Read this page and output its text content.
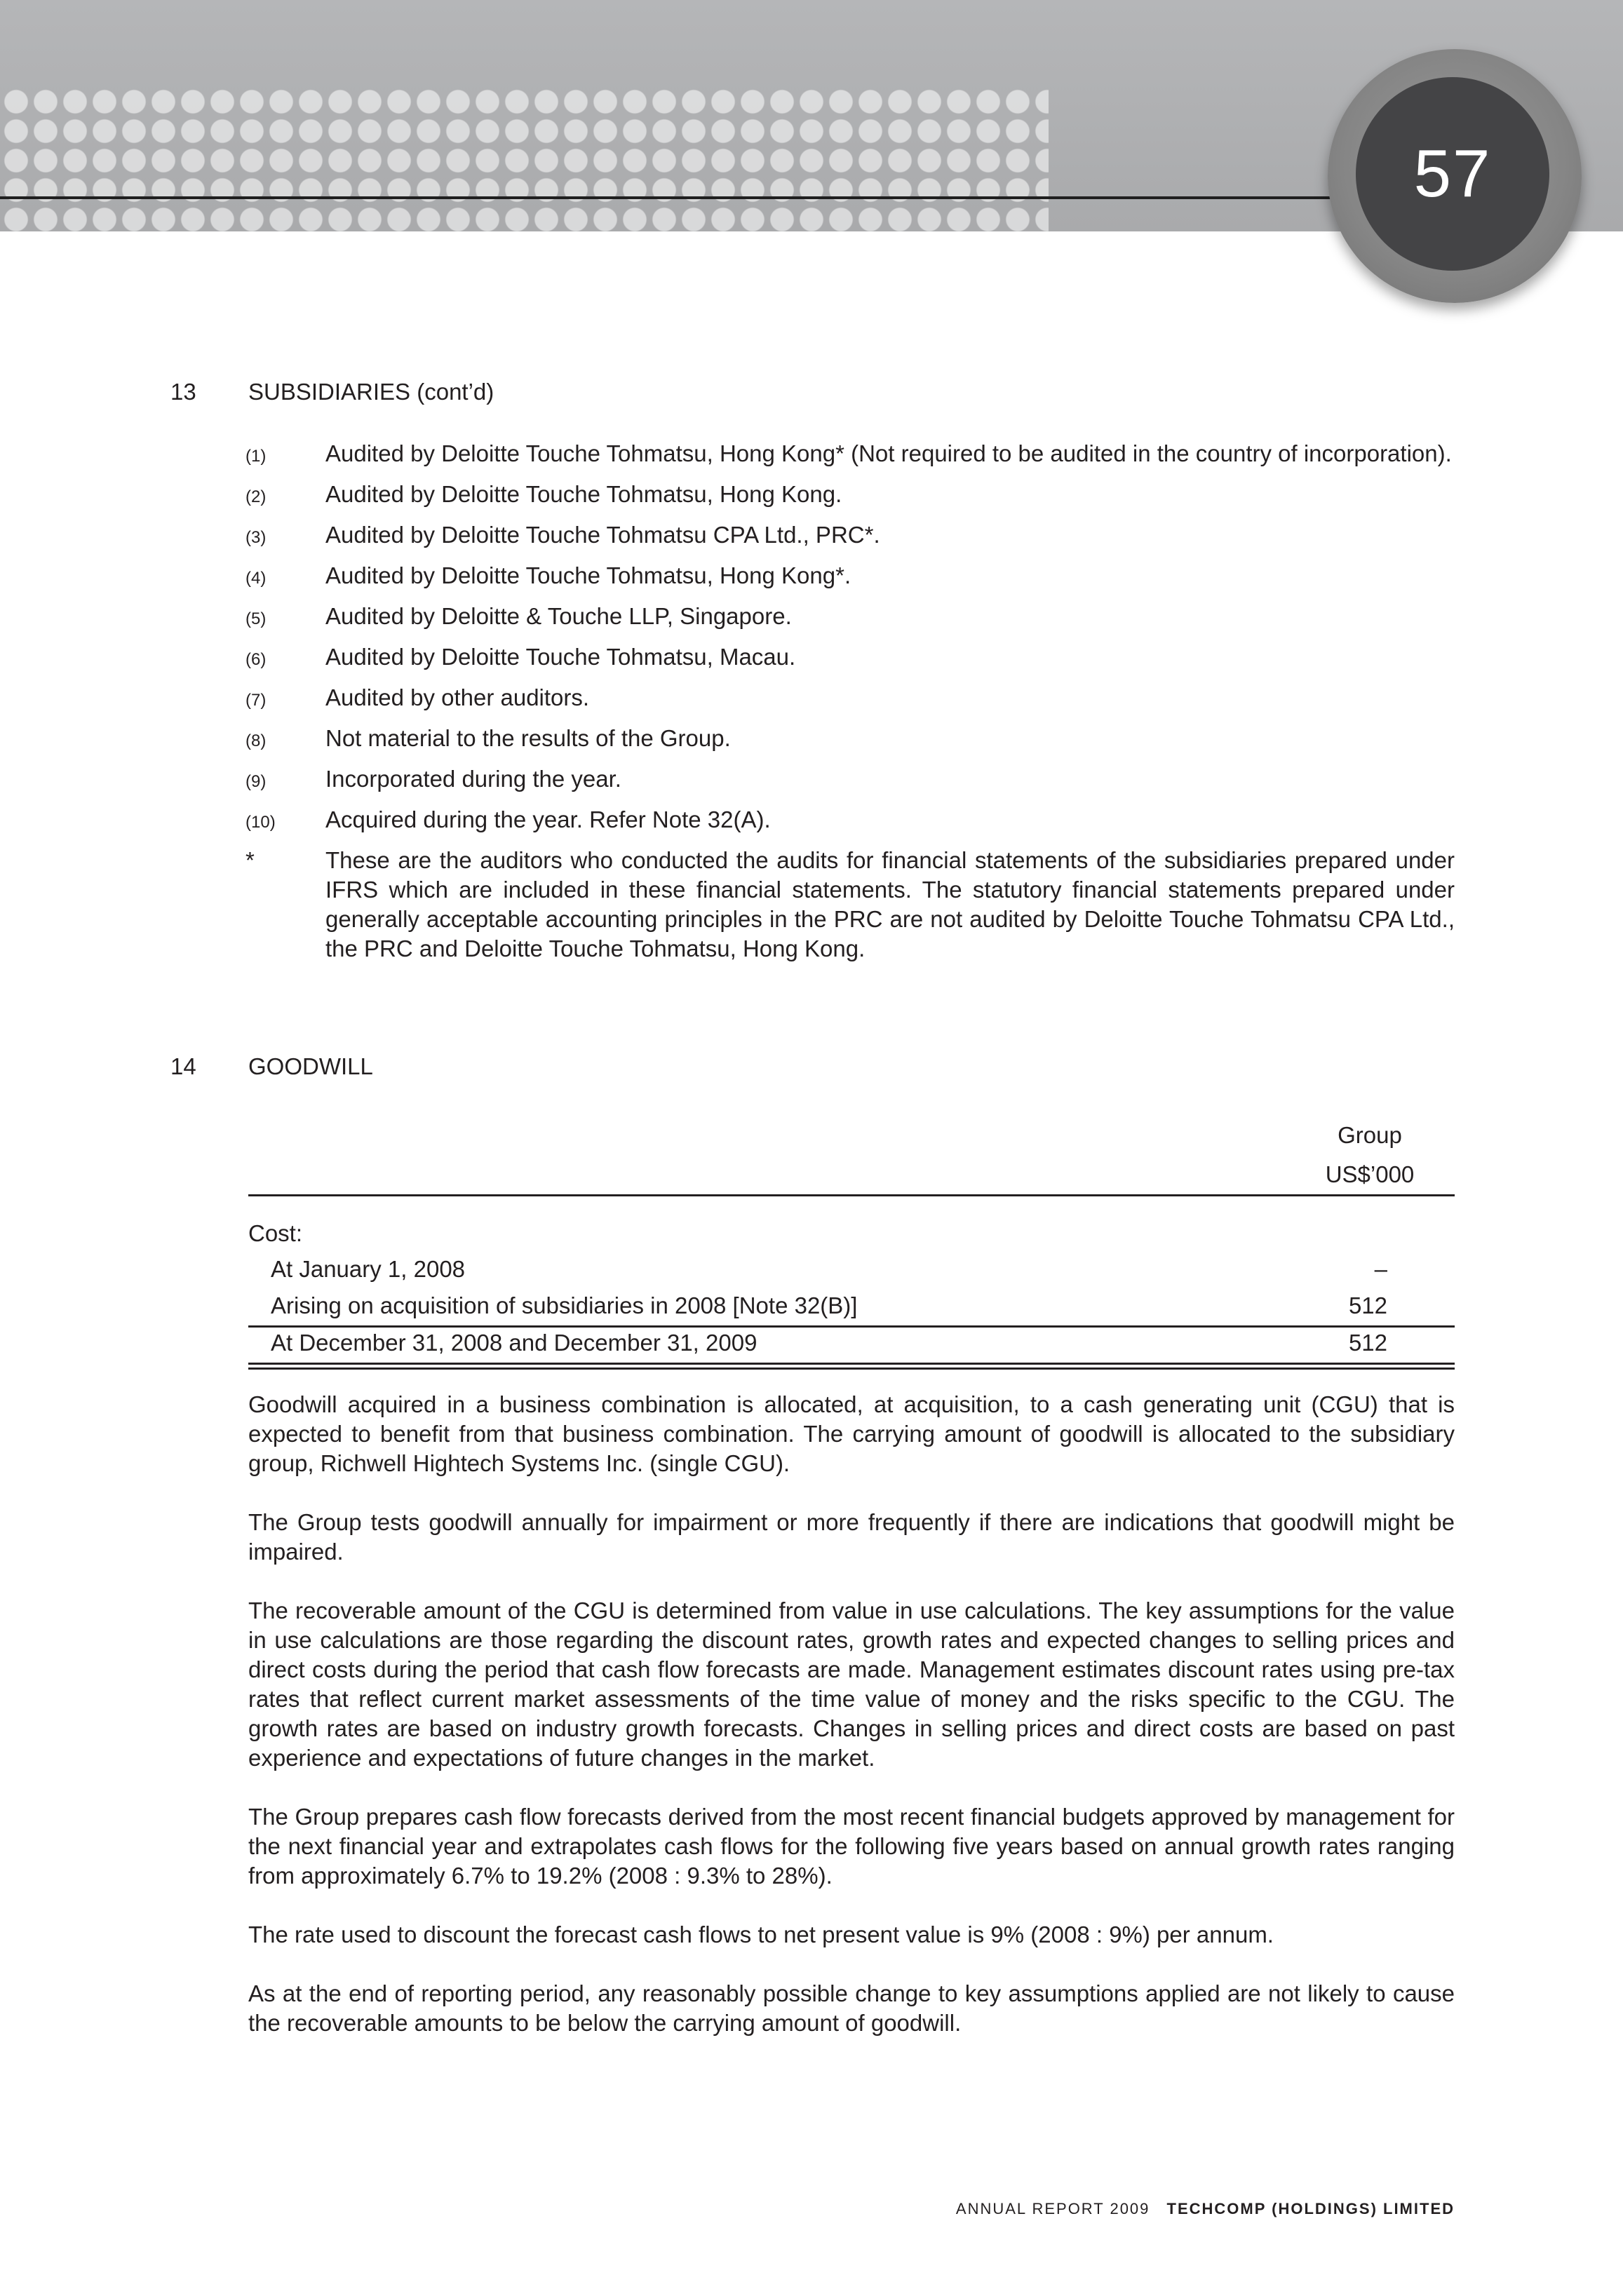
57
13 SUBSIDIARIES (cont’d)
(1)	Audited by Deloitte Touche Tohmatsu, Hong Kong* (Not required to be audited in the country of incorporation).
(2)	Audited by Deloitte Touche Tohmatsu, Hong Kong.
(3)	Audited by Deloitte Touche Tohmatsu CPA Ltd., PRC*.
(4)	Audited by Deloitte Touche Tohmatsu, Hong Kong*.
(5)	Audited by Deloitte & Touche LLP, Singapore.
(6)	Audited by Deloitte Touche Tohmatsu, Macau.
(7)	Audited by other auditors.
(8)	Not material to the results of the Group.
(9)	Incorporated during the year.
(10) Acquired during the year. Refer Note 32(A).
*	These are the auditors who conducted the audits for financial statements of the subsidiaries prepared under IFRS which are included in these financial statements. The statutory financial statements prepared under generally acceptable accounting principles in the PRC are not audited by Deloitte Touche Tohmatsu CPA Ltd., the PRC and Deloitte Touche Tohmatsu, Hong Kong.
14 GOODWILL
Group
US$’000
Cost:
At January 1, 2008	–
Arising on acquisition of subsidiaries in 2008 [Note 32(B)]	512
At December 31, 2008 and December 31, 2009	512

Goodwill acquired in a business combination is allocated, at acquisition, to a cash generating unit (CGU) that is expected to benefit from that business combination. The carrying amount of goodwill is allocated to the subsidiary group, Richwell Hightech Systems Inc. (single CGU).

The Group tests goodwill annually for impairment or more frequently if there are indications that goodwill might be impaired.

The recoverable amount of the CGU is determined from value in use calculations. The key assumptions for the value in use calculations are those regarding the discount rates, growth rates and expected changes to selling prices and direct costs during the period that cash flow forecasts are made. Management estimates discount rates using pre-tax rates that reflect current market assessments of the time value of money and the risks specific to the CGU. The growth rates are based on industry growth forecasts. Changes in selling prices and direct costs are based on past experience and expectations of future changes in the market.

The Group prepares cash flow forecasts derived from the most recent financial budgets approved by management for the next financial year and extrapolates cash flows for the following five years based on annual growth rates ranging from approximately 6.7% to 19.2% (2008 : 9.3% to 28%).

The rate used to discount the forecast cash flows to net present value is 9% (2008 : 9%) per annum.

As at the end of reporting period, any reasonably possible change to key assumptions applied are not likely to cause the recoverable amounts to be below the carrying amount of goodwill.

ANNUAL REPORT 2009 TECHCOMP (HOLDINGS) LIMITED
